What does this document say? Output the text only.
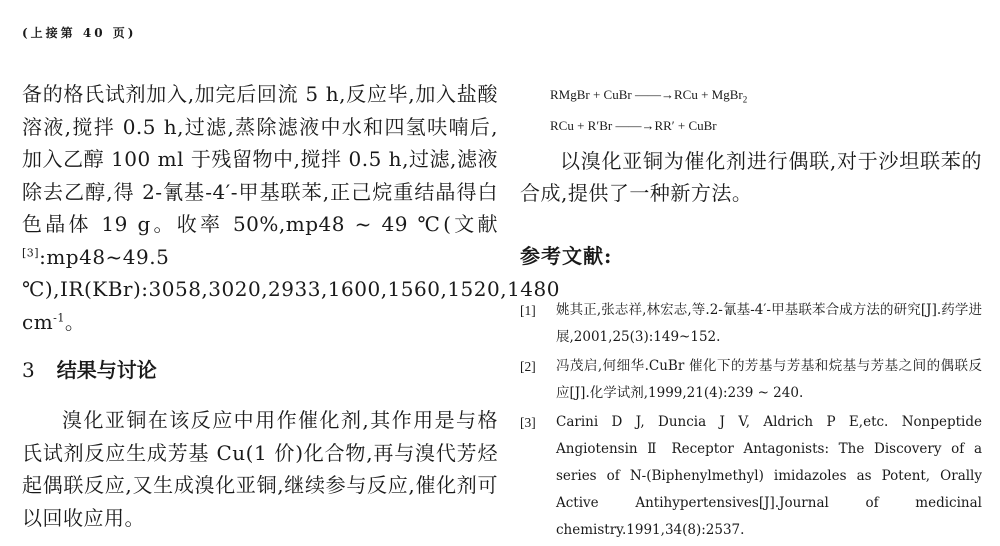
(上接第 40 页)

备的格氏试剂加入,加完后回流 5 h,反应毕,加入盐酸溶液,搅拌 0.5 h,过滤,蒸除滤液中水和四氢呋喃后,加入乙醇 100 ml 于残留物中,搅拌 0.5 h,过滤,滤液除去乙醇,得 2-氰基-4′-甲基联苯,正己烷重结晶得白色晶体 19 g。收率 50%,mp48 ~ 49 ℃(文献[3]:mp48~49.5 ℃),IR(KBr):3058,3020,2933,1600,1560,1520,1480 $cm^{-1}$。

3 结果与讨论

溴化亚铜在该反应中用作催化剂,其作用是与格氏试剂反应生成芳基 Cu(1 价)化合物,再与溴代芳烃起偶联反应,又生成溴化亚铜,继续参与反应,催化剂可以回收应用。

RMgBr + CuBr ——→RCu + MgBr$_2$
RCu + R′Br ——→RR′ + CuBr

以溴化亚铜为催化剂进行偶联,对于沙坦联苯的合成,提供了一种新方法。

参考文献:
[1]	姚其正,张志祥,林宏志,等.2-氰基-4′-甲基联苯合成方法的研究[J].药学进展,2001,25(3):149~152.
[2]	冯茂启,何细华.CuBr 催化下的芳基与芳基和烷基与芳基之间的偶联反应[J].化学试剂,1999,21(4):239 ~ 240.
[3]	Carini D J, Duncia J V, Aldrich P E,etc. Nonpeptide Angiotensin Ⅱ Receptor Antagonists: The Discovery of a series of N-(Biphenylmethyl) imidazoles as Potent, Orally Active Antihypertensives[J].Journal of medicinal chemistry.1991,34(8):2537.
